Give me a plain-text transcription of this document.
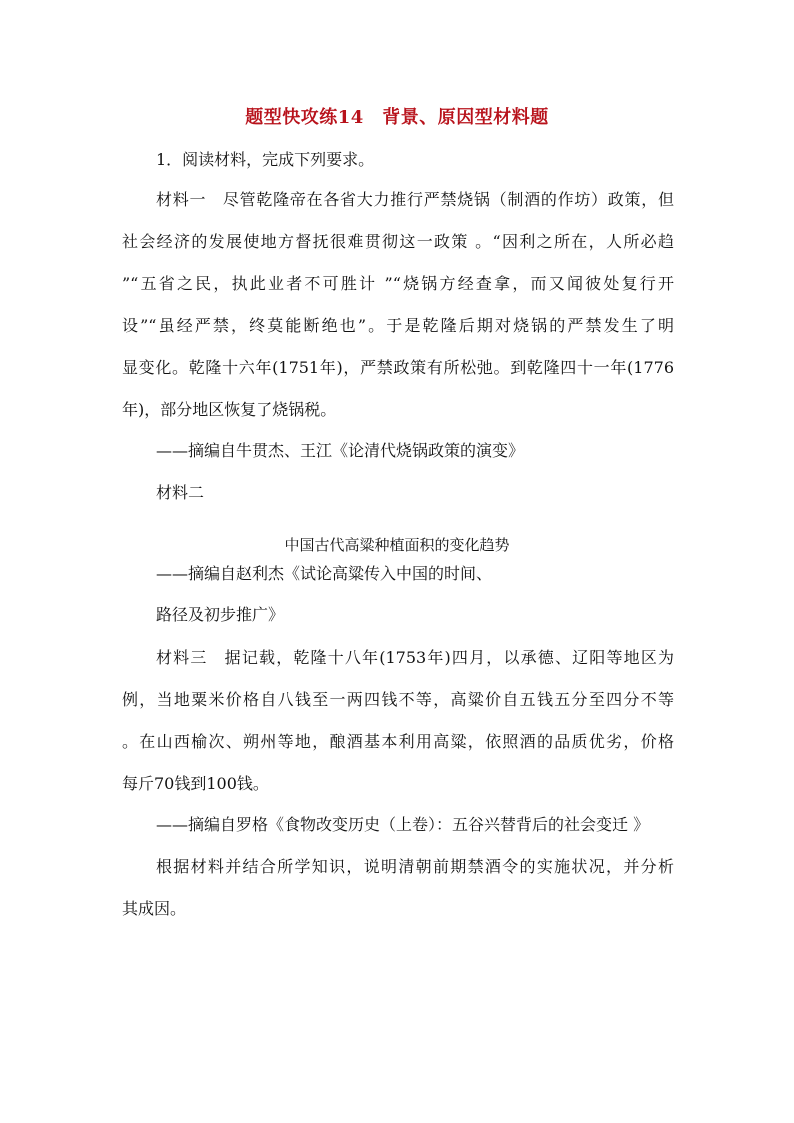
题型快攻练14　背景、原因型材料题
1．阅读材料，完成下列要求。
材料一　尽管乾隆帝在各省大力推行严禁烧锅（制酒的作坊）政策，但
社会经济的发展使地方督抚很难贯彻这一政策 。“因利之所在，人所必趋
”“五省之民，执此业者不可胜计 ”“烧锅方经查拿，而又闻彼处复行开
设”“虽经严禁，终莫能断绝也”。于是乾隆后期对烧锅的严禁发生了明
显变化。乾隆十六年(1751年)，严禁政策有所松弛。到乾隆四十一年(1776
年)，部分地区恢复了烧锅税。
——摘编自牛贯杰、王江《论清代烧锅政策的演变》
材料二
中国古代高粱种植面积的变化趋势
——摘编自赵利杰《试论高粱传入中国的时间、
路径及初步推广》
材料三　据记载，乾隆十八年(1753年)四月，以承德、辽阳等地区为
例，当地粟米价格自八钱至一两四钱不等，高粱价自五钱五分至四分不等
。在山西榆次、朔州等地，酿酒基本利用高粱，依照酒的品质优劣，价格
每斤70钱到100钱。
——摘编自罗格《食物改变历史（上卷）：五谷兴替背后的社会变迁 》
根据材料并结合所学知识，说明清朝前期禁酒令的实施状况，并分析
其成因。
